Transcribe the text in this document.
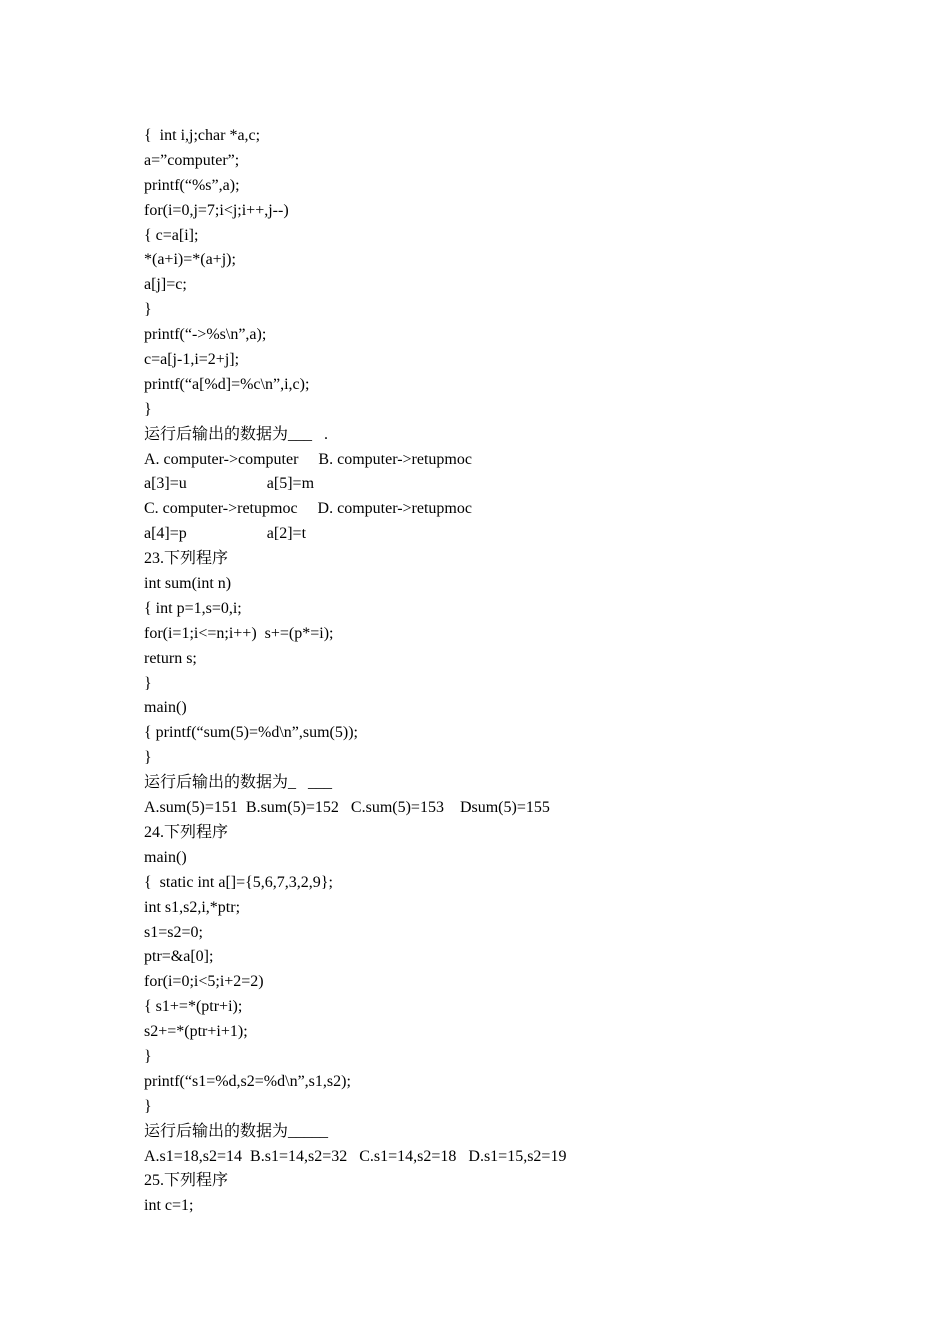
{  int i,j;char *a,c;
a=”computer”;
printf(“%s”,a);
for(i=0,j=7;i<j;i++,j--)
{ c=a[i];
*(a+i)=*(a+j);
a[j]=c;
}
printf(“->%s\n”,a);
c=a[j-1,i=2+j];
printf(“a[%d]=%c\n”,i,c);
}
运行后输出的数据为___   .
A. computer->computer     B. computer->retupmoc
a[3]=u                    a[5]=m
C. computer->retupmoc     D. computer->retupmoc
a[4]=p                    a[2]=t
23.下列程序
int sum(int n)
{ int p=1,s=0,i;
for(i=1;i<=n;i++)  s+=(p*=i);
return s;
}
main()
{ printf(“sum(5)=%d\n”,sum(5));
}
运行后输出的数据为_   ___
A.sum(5)=151  B.sum(5)=152   C.sum(5)=153    Dsum(5)=155
24.下列程序
main()
{  static int a[]={5,6,7,3,2,9};
int s1,s2,i,*ptr;
s1=s2=0;
ptr=&a[0];
for(i=0;i<5;i+2=2)
{ s1+=*(ptr+i);
s2+=*(ptr+i+1);
}
printf(“s1=%d,s2=%d\n”,s1,s2);
}
运行后输出的数据为_____
A.s1=18,s2=14  B.s1=14,s2=32   C.s1=14,s2=18   D.s1=15,s2=19
25.下列程序
int c=1;
